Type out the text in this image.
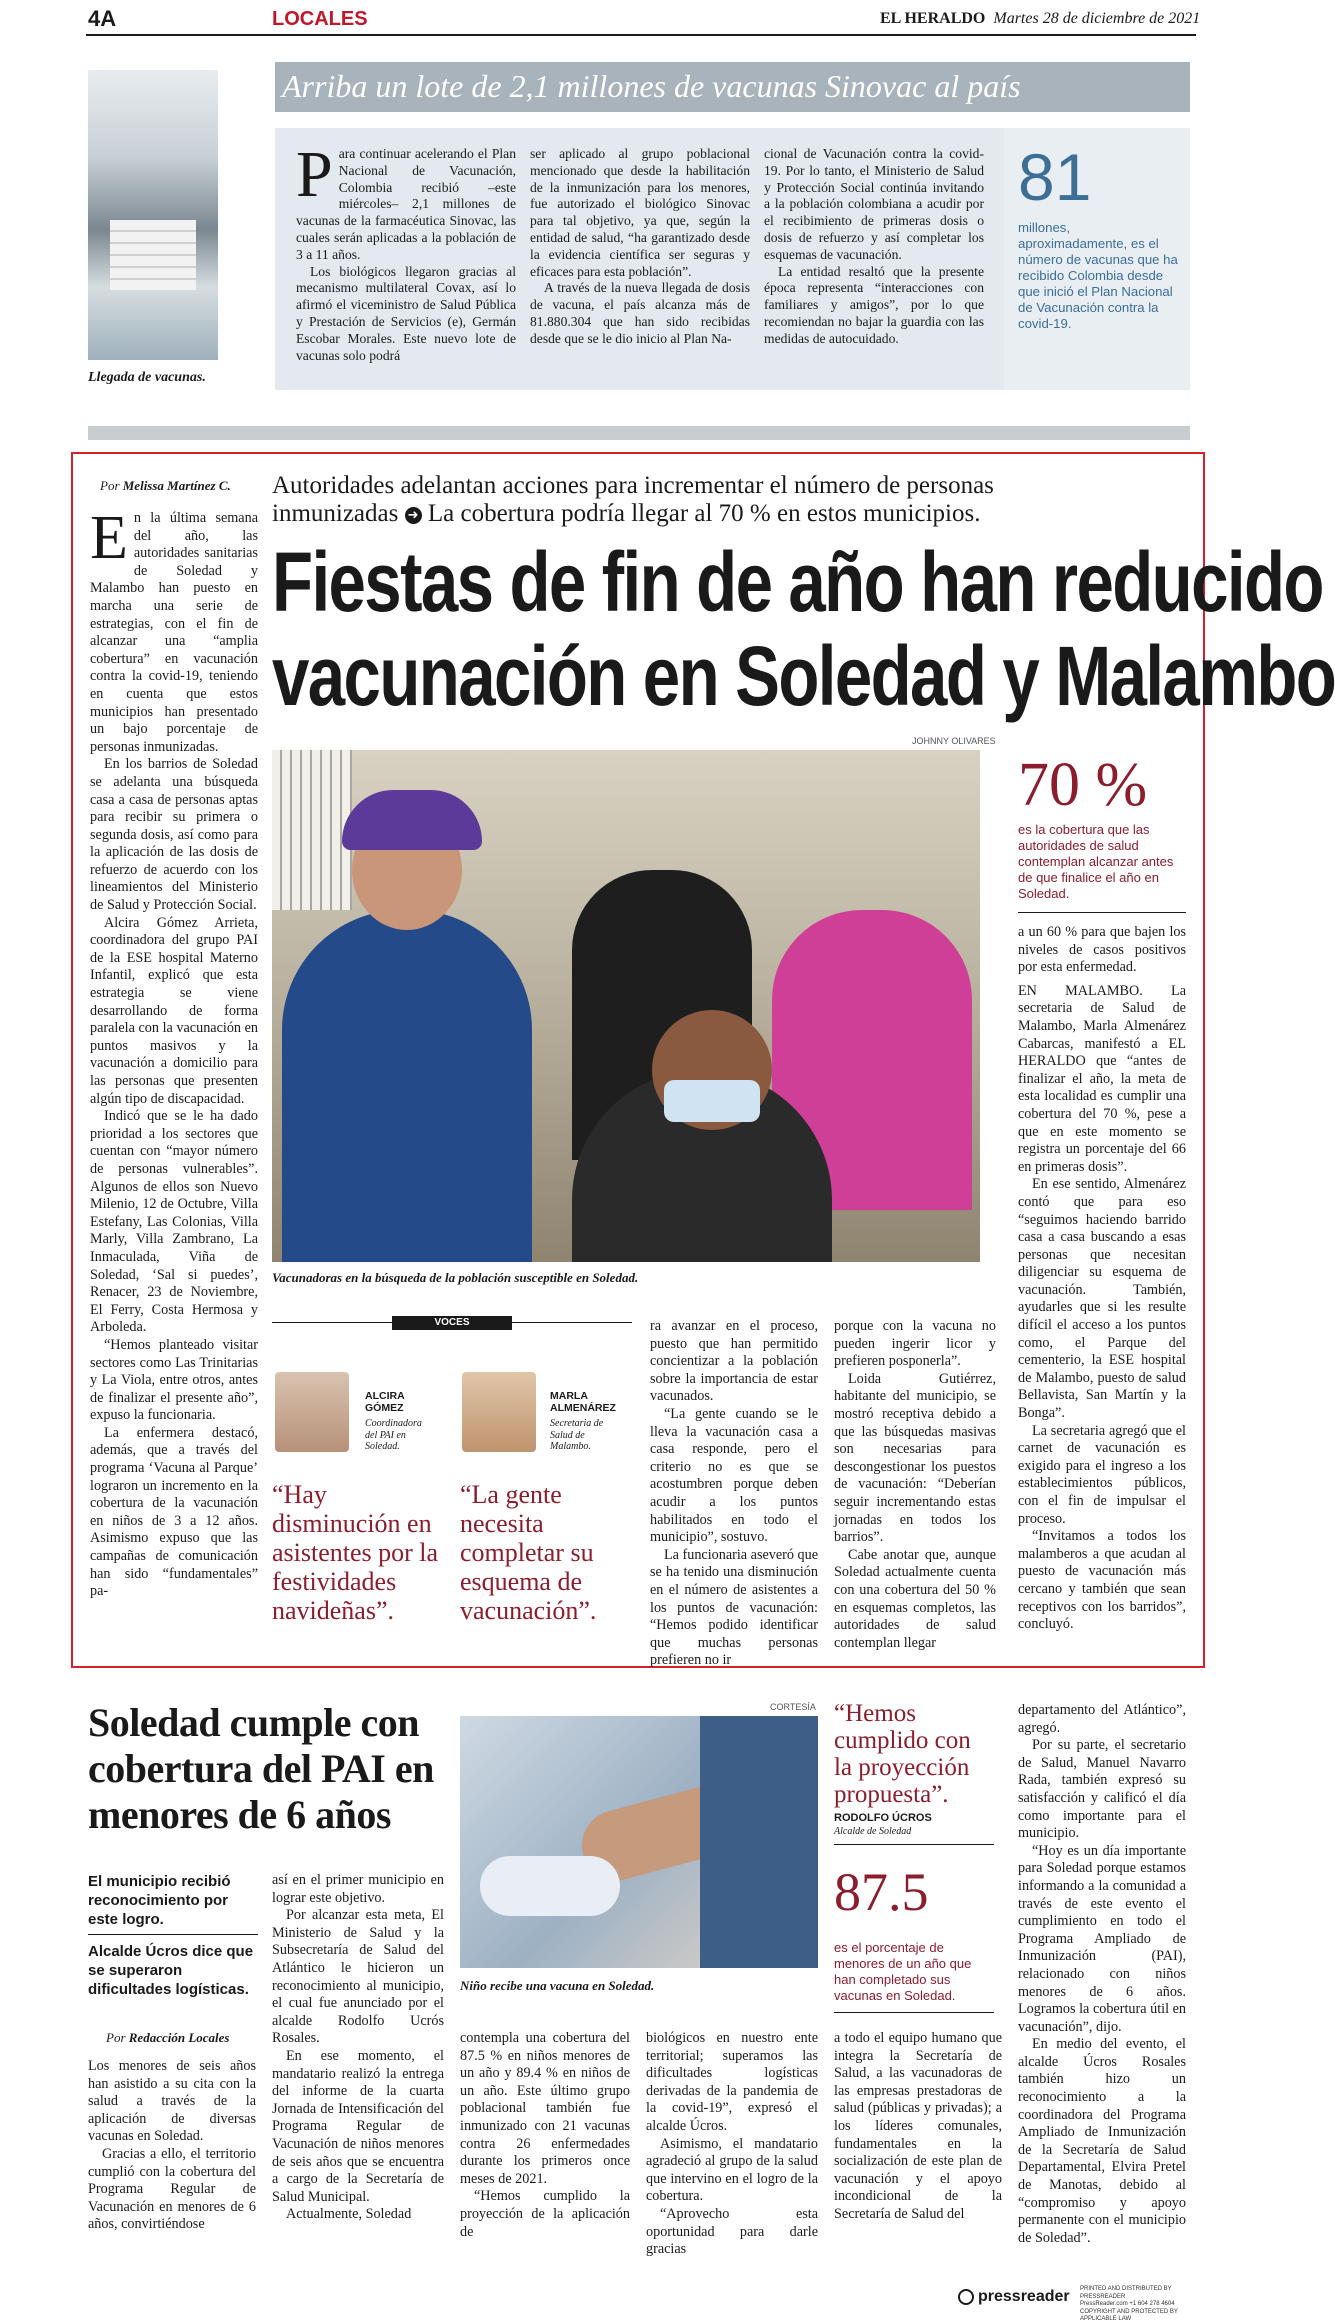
4A	LOCALES	EL HERALDO Martes 28 de diciembre de 2021
Llegada de vacunas.
Arriba un lote de 2,1 millones de vacunas Sinovac al país
P ara continuar acelerando el Plan Nacional de Vacunación, Colombia recibió –este miércoles– 2,1 millones de vacunas de la farmacéutica Sinovac, las cuales serán aplicadas a la población de 3 a 11 años.

Los biológicos llegaron gracias al mecanismo multilateral Covax, así lo afirmó el viceministro de Salud Pública y Prestación de Servicios (e), Germán Escobar Morales. Este nuevo lote de vacunas solo podrá

ser aplicado al grupo poblacional mencionado que desde la habilitación de la inmunización para los menores, fue autorizado el biológico Sinovac para tal objetivo, ya que, según la entidad de salud, “ha garantizado desde la evidencia científica ser seguras y eficaces para esta población”.

A través de la nueva llegada de dosis de vacuna, el país alcanza más de 81.880.304 que han sido recibidas desde que se le dio inicio al Plan Na-

cional de Vacunación contra la covid-19. Por lo tanto, el Ministerio de Salud y Protección Social continúa invitando a la población colombiana a acudir por el recibimiento de primeras dosis o dosis de refuerzo y así completar los esquemas de vacunación.

La entidad resaltó que la presente época representa “interacciones con familiares y amigos”, por lo que recomiendan no bajar la guardia con las medidas de autocuidado.

81
millones, aproximadamente, es el número de vacunas que ha recibido Colombia desde que inició el Plan Nacional de Vacunación contra la covid-19.
Por Melissa Martínez C. Autoridades adelantan acciones para incrementar el número de personas
inmunizadas ➜ La cobertura podría llegar al 70 % en estos municipios.
Fiestas de fin de año han reducido
vacunación en Soledad y Malambo
JOHNNY OLIVARES
Vacunadoras en la búsqueda de la población susceptible en Soledad.
E n la última semana del año, las autoridades sanitarias de Soledad y Malambo han puesto en marcha una serie de estrategias, con el fin de alcanzar una “amplia cobertura” en vacunación contra la covid-19, teniendo en cuenta que estos municipios han presentado un bajo porcentaje de personas inmunizadas.

En los barrios de Soledad se adelanta una búsqueda casa a casa de personas aptas para recibir su primera o segunda dosis, así como para la aplicación de las dosis de refuerzo de acuerdo con los lineamientos del Ministerio de Salud y Protección Social.

Alcira Gómez Arrieta, coordinadora del grupo PAI de la ESE hospital Materno Infantil, explicó que esta estrategia se viene desarrollando de forma paralela con la vacunación en puntos masivos y la vacunación a domicilio para las personas que presenten algún tipo de discapacidad.

Indicó que se le ha dado prioridad a los sectores que cuentan con “mayor número de personas vulnerables”. Algunos de ellos son Nuevo Milenio, 12 de Octubre, Villa Estefany, Las Colonias, Villa Marly, Villa Zambrano, La Inmaculada, Viña de Soledad, ‘Sal si puedes’, Renacer, 23 de Noviembre, El Ferry, Costa Hermosa y Arboleda.

“Hemos planteado visitar sectores como Las Trinitarias y La Viola, entre otros, antes de finalizar el presente año”, expuso la funcionaria.

La enfermera destacó, además, que a través del programa ‘Vacuna al Parque’ lograron un incremento en la cobertura de la vacunación en niños de 3 a 12 años. Asimismo expuso que las campañas de comunicación han sido “fundamentales” pa-

VOCES
ALCIRA GÓMEZ
Coordinadora del PAI en Soledad.
“Hay disminución en asistentes por la festividades navideñas”.
MARLA ALMENÁREZ
Secretaria de Salud de Malambo.
“La gente necesita completar su esquema de vacunación”.

ra avanzar en el proceso, puesto que han permitido concientizar a la población sobre la importancia de estar vacunados.

“La gente cuando se le lleva la vacunación casa a casa responde, pero el criterio no es que se acostumbren porque deben acudir a los puntos habilitados en todo el municipio”, sostuvo.

La funcionaria aseveró que se ha tenido una disminución en el número de asistentes a los puntos de vacunación: “Hemos podido identificar que muchas personas prefieren no ir

porque con la vacuna no pueden ingerir licor y prefieren posponerla”.

Loida Gutiérrez, habitante del municipio, se mostró receptiva debido a que las búsquedas masivas son necesarias para descongestionar los puestos de vacunación: “Deberían seguir incrementando estas jornadas en todos los barrios”.

Cabe anotar que, aunque Soledad actualmente cuenta con una cobertura del 50 % en esquemas completos, las autoridades de salud contemplan llegar

70 %
es la cobertura que las autoridades de salud contemplan alcanzar antes de que finalice el año en Soledad.

a un 60 % para que bajen los niveles de casos positivos por esta enfermedad.

EN MALAMBO. La secretaria de Salud de Malambo, Marla Almenárez Cabarcas, manifestó a EL HERALDO que “antes de finalizar el año, la meta de esta localidad es cumplir una cobertura del 70 %, pese a que en este momento se registra un porcentaje del 66 en primeras dosis”.

En ese sentido, Almenárez contó que para eso “seguimos haciendo barrido casa a casa buscando a esas personas que necesitan diligenciar su esquema de vacunación. También, ayudarles que si les resulte difícil el acceso a los puntos como, el Parque del cementerio, la ESE hospital de Malambo, puesto de salud Bellavista, San Martín y la Bonga”.

La secretaria agregó que el carnet de vacunación es exigido para el ingreso a los establecimientos públicos, con el fin de impulsar el proceso.

“Invitamos a todos los malamberos a que acudan al puesto de vacunación más cercano y también que sean receptivos con los barridos”, concluyó.

Soledad cumple con cobertura del PAI en menores de 6 años
El municipio recibió reconocimiento por este logro.
Alcalde Úcros dice que se superaron dificultades logísticas.
Por Redacción Locales

Los menores de seis años han asistido a su cita con la salud a través de la aplicación de diversas vacunas en Soledad.

Gracias a ello, el territorio cumplió con la cobertura del Programa Regular de Vacunación en menores de 6 años, convirtiéndose

así en el primer municipio en lograr este objetivo.

Por alcanzar esta meta, El Ministerio de Salud y la Subsecretaría de Salud del Atlántico le hicieron un reconocimiento al municipio, el cual fue anunciado por el alcalde Rodolfo Ucrós Rosales.

En ese momento, el mandatario realizó la entrega del informe de la cuarta Jornada de Intensificación del Programa Regular de Vacunación de niños menores de seis años que se encuentra a cargo de la Secretaría de Salud Municipal.

Actualmente, Soledad

CORTESÍA
Niño recibe una vacuna en Soledad.

contempla una cobertura del 87.5 % en niños menores de un año y 89.4 % en niños de un año. Este último grupo poblacional también fue inmunizado con 21 vacunas contra 26 enfermedades durante los primeros once meses de 2021.

“Hemos cumplido la proyección de la aplicación de

biológicos en nuestro ente territorial; superamos las dificultades logísticas derivadas de la pandemia de la covid-19”, expresó el alcalde Úcros.

Asimismo, el mandatario agradeció al grupo de la salud que intervino en el logro de la cobertura.

“Aprovecho esta oportunidad para darle gracias

“Hemos cumplido con la proyección propuesta”.
RODOLFO ÚCROS
Alcalde de Soledad
87.5
es el porcentaje de menores de un año que han completado sus vacunas en Soledad.

a todo el equipo humano que integra la Secretaría de Salud, a las vacunadoras de las empresas prestadoras de salud (públicas y privadas); a los líderes comunales, fundamentales en la socialización de este plan de vacunación y el apoyo incondicional de la Secretaría de Salud del

departamento del Atlántico”, agregó.

Por su parte, el secretario de Salud, Manuel Navarro Rada, también expresó su satisfacción y calificó el día como importante para el municipio.

“Hoy es un día importante para Soledad porque estamos informando a la comunidad a través de este evento el cumplimiento en todo el Programa Ampliado de Inmunización (PAI), relacionado con niños menores de 6 años. Logramos la cobertura útil en vacunación”, dijo.

En medio del evento, el alcalde Úcros Rosales también hizo un reconocimiento a la coordinadora del Programa Ampliado de Inmunización de la Secretaría de Salud Departamental, Elvira Pretel de Manotas, debido al “compromiso y apoyo permanente con el municipio de Soledad”.

pressreader PRINTED AND DISTRIBUTED BY PRESSREADER
PressReader.com +1 604 278 4604
COPYRIGHT AND PROTECTED BY APPLICABLE LAW
